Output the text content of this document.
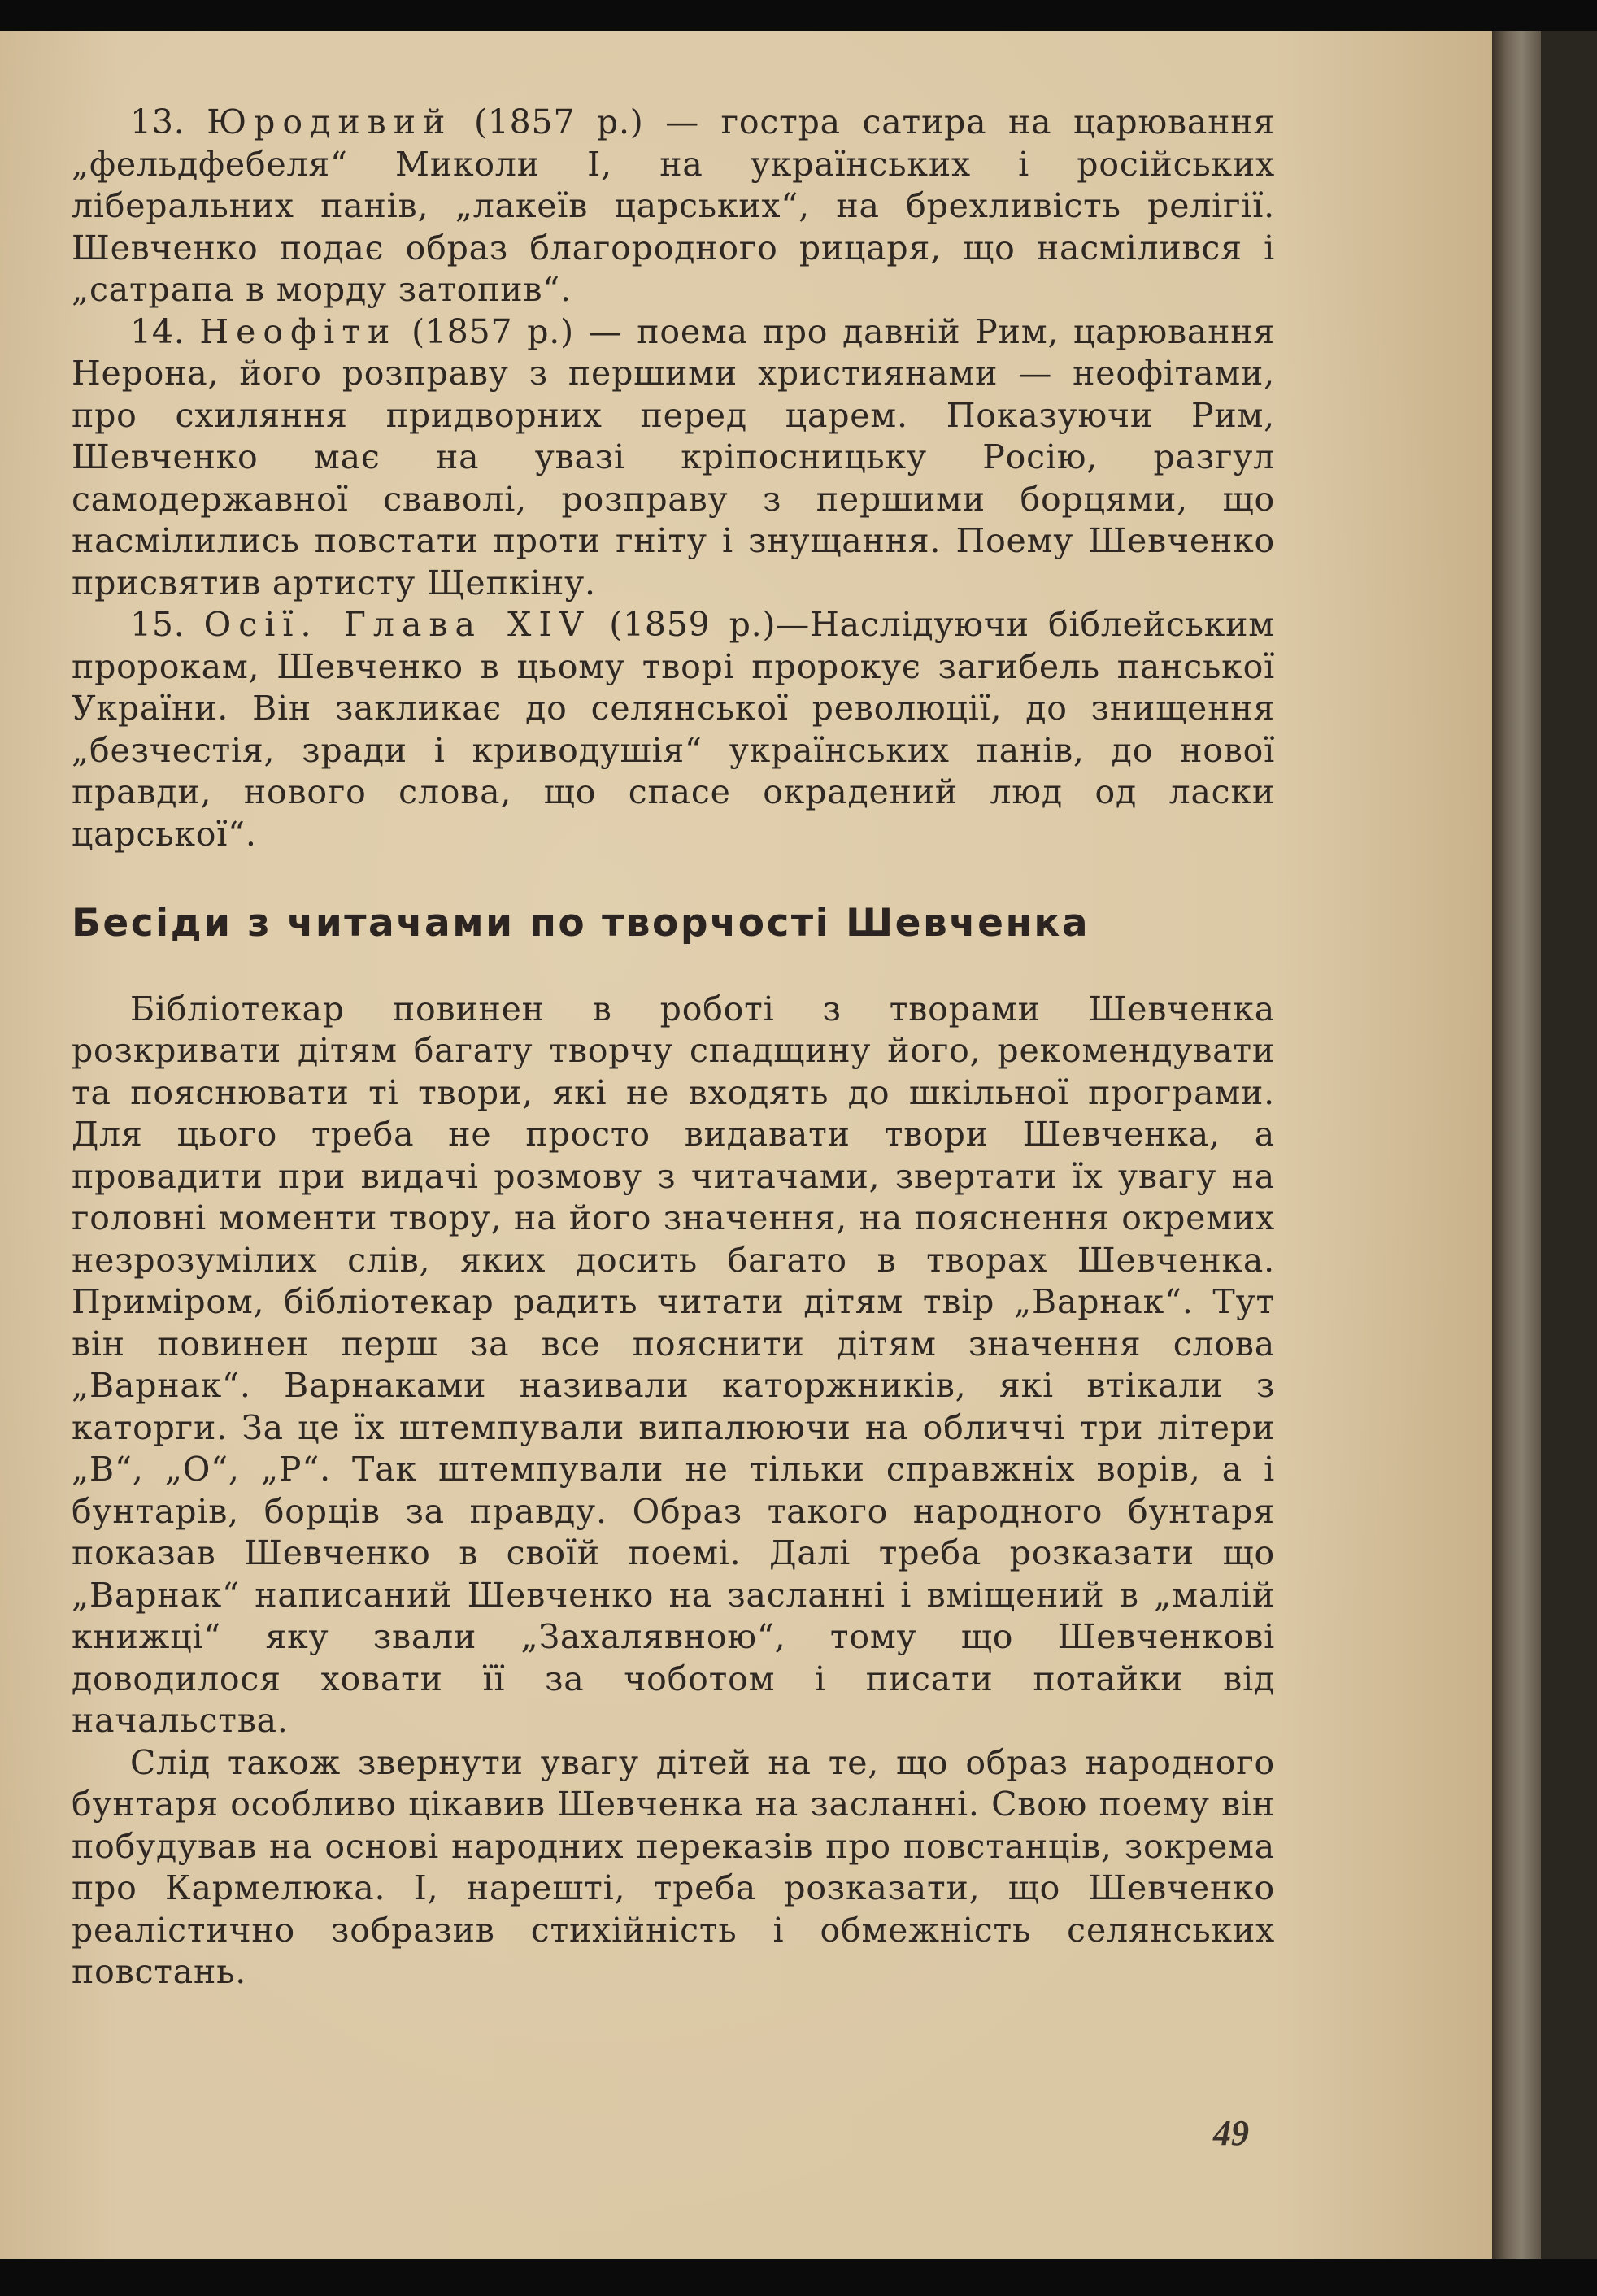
13. Юродивий (1857 р.) — гостра сатира на царювання „фельдфебеля“ Миколи I, на українських і російських ліберальних панів, „лакеїв царських“, на брехливість релігії. Шевченко подає образ благородного рицаря, що насмілився і „сатрапа в морду затопив“.

14. Неофіти (1857 р.) — поема про давній Рим, царювання Нерона, його розправу з першими християнами — неофітами, про схиляння придворних перед царем. Показуючи Рим, Шевченко має на увазі кріпосницьку Росію, разгул самодержавної сваволі, розправу з першими борцями, що насмілились повстати проти гніту і знущання. Поему Шевченко присвятив артисту Щепкіну.

15. Осії. Глава XIV (1859 р.)—Наслідуючи біблейським пророкам, Шевченко в цьому творі пророкує загибель панської України. Він закликає до селянської революції, до знищення „безчестія, зради і криводушія“ українських панів, до нової правди, нового слова, що спасе окрадений люд од ласки царської“.

Бесіди з читачами по творчості Шевченка

Бібліотекар повинен в роботі з творами Шевченка розкривати дітям багату творчу спадщину його, рекомендувати та пояснювати ті твори, які не входять до шкільної програми. Для цього треба не просто видавати твори Шевченка, а провадити при видачі розмову з читачами, звертати їх увагу на головні моменти твору, на його значення, на пояснення окремих незрозумілих слів, яких досить багато в творах Шевченка. Приміром, бібліотекар радить читати дітям твір „Варнак“. Тут він повинен перш за все пояснити дітям значення слова „Варнак“. Варнаками називали каторжників, які втікали з каторги. За це їх штемпували випалюючи на обличчі три літери „В“, „О“, „Р“. Так штемпували не тільки справжніх ворів, а і бунтарів, борців за правду. Образ такого народного бунтаря показав Шевченко в своїй поемі. Далі треба розказати що „Варнак“ написаний Шевченко на засланні і вміщений в „малій книжці“ яку звали „Захалявною“, тому що Шевченкові доводилося ховати її за чоботом і писати потайки від начальства.

Слід також звернути увагу дітей на те, що образ народного бунтаря особливо цікавив Шевченка на засланні. Свою поему він побудував на основі народних переказів про повстанців, зокрема про Кармелюка. І, нарешті, треба розказати, що Шевченко реалістично зобразив стихійність і обмежність селянських повстань.

49
